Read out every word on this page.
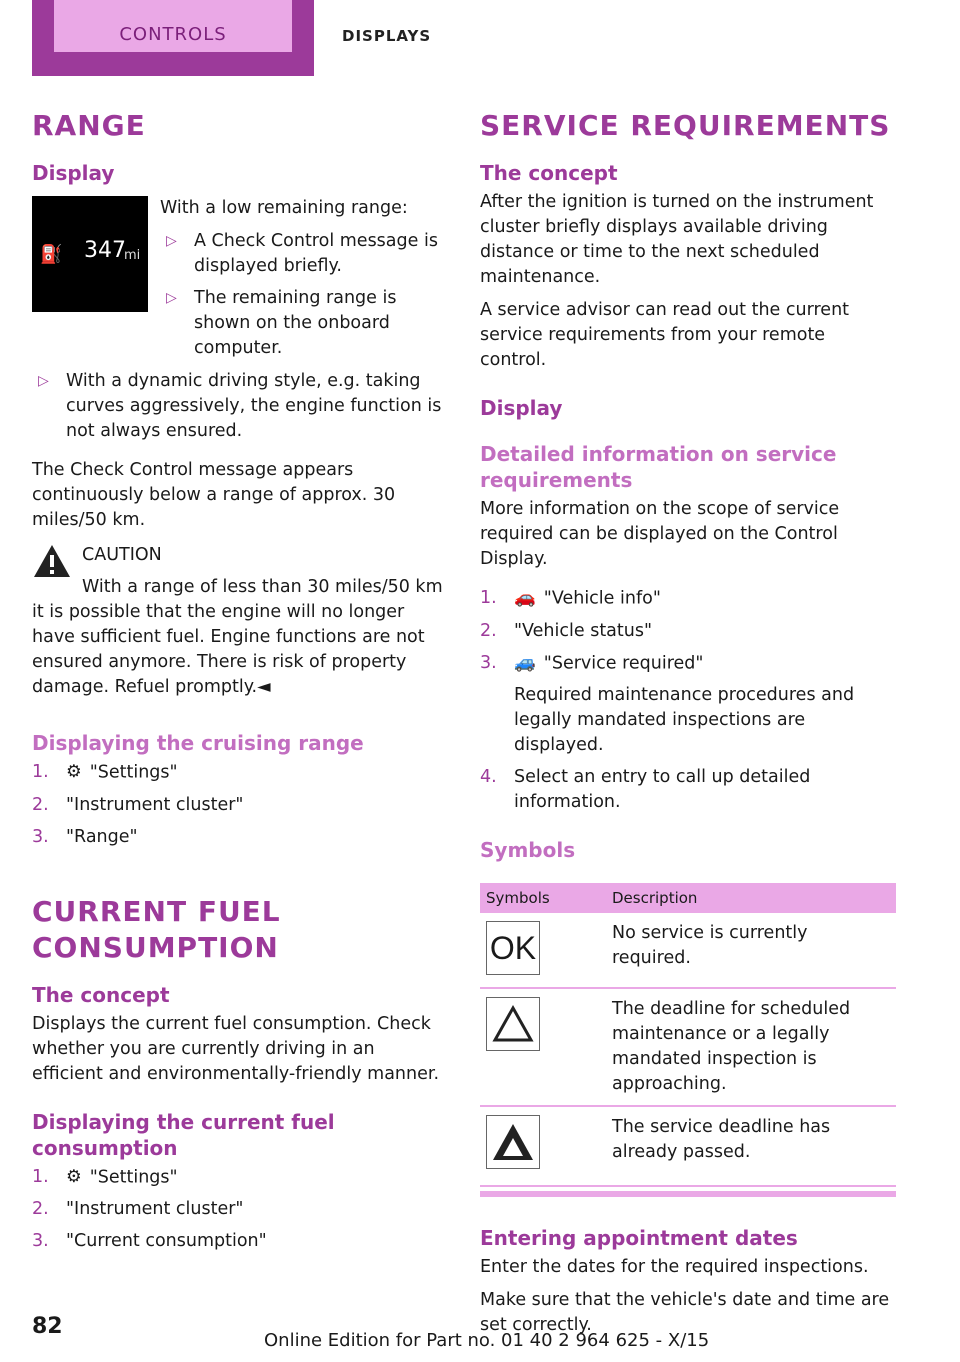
CONTROLS	DISPLAYS
RANGE
Display
⛽ 347
mi

With a low remaining range:

▷ A Check Control message is displayed briefly.
▷ The remaining range is shown on the onboard computer.
▷ With a dynamic driving style, e.g. taking curves aggressively, the engine function is not always ensured.

The Check Control message appears continuously below a range of approx. 30 miles/50 km.

CAUTION

With a range of less than 30 miles/50 km it is possible that the engine will no longer have sufficient fuel. Engine functions are not ensured anymore. There is risk of property damage. Refuel promptly.◄

Displaying the cruising range
1. ⚙ "Settings"
2. "Instrument cluster"
3. "Range"
CURRENT FUEL CONSUMPTION
The concept

Displays the current fuel consumption. Check whether you are currently driving in an efficient and environmentally-friendly manner.

Displaying the current fuel consumption
1. ⚙ "Settings"
2. "Instrument cluster"
3. "Current consumption"
SERVICE REQUIREMENTS
The concept

After the ignition is turned on the instrument cluster briefly displays available driving distance or time to the next scheduled maintenance.

A service advisor can read out the current service requirements from your remote control.

Display
Detailed information on service requirements

More information on the scope of service required can be displayed on the Control Display.

1. 🚗 "Vehicle info"
2. "Vehicle status"
3. 🚙 "Service required"
Required maintenance procedures and legally mandated inspections are displayed.
4. Select an entry to call up detailed information.
Symbols
Symbols	Description

OK	No service is currently required.
	The deadline for scheduled maintenance or a legally mandated inspection is approaching.
	The service deadline has already passed.
Entering appointment dates

Enter the dates for the required inspections.

Make sure that the vehicle's date and time are set correctly.

82
Online Edition for Part no. 01 40 2 964 625 - X/15
